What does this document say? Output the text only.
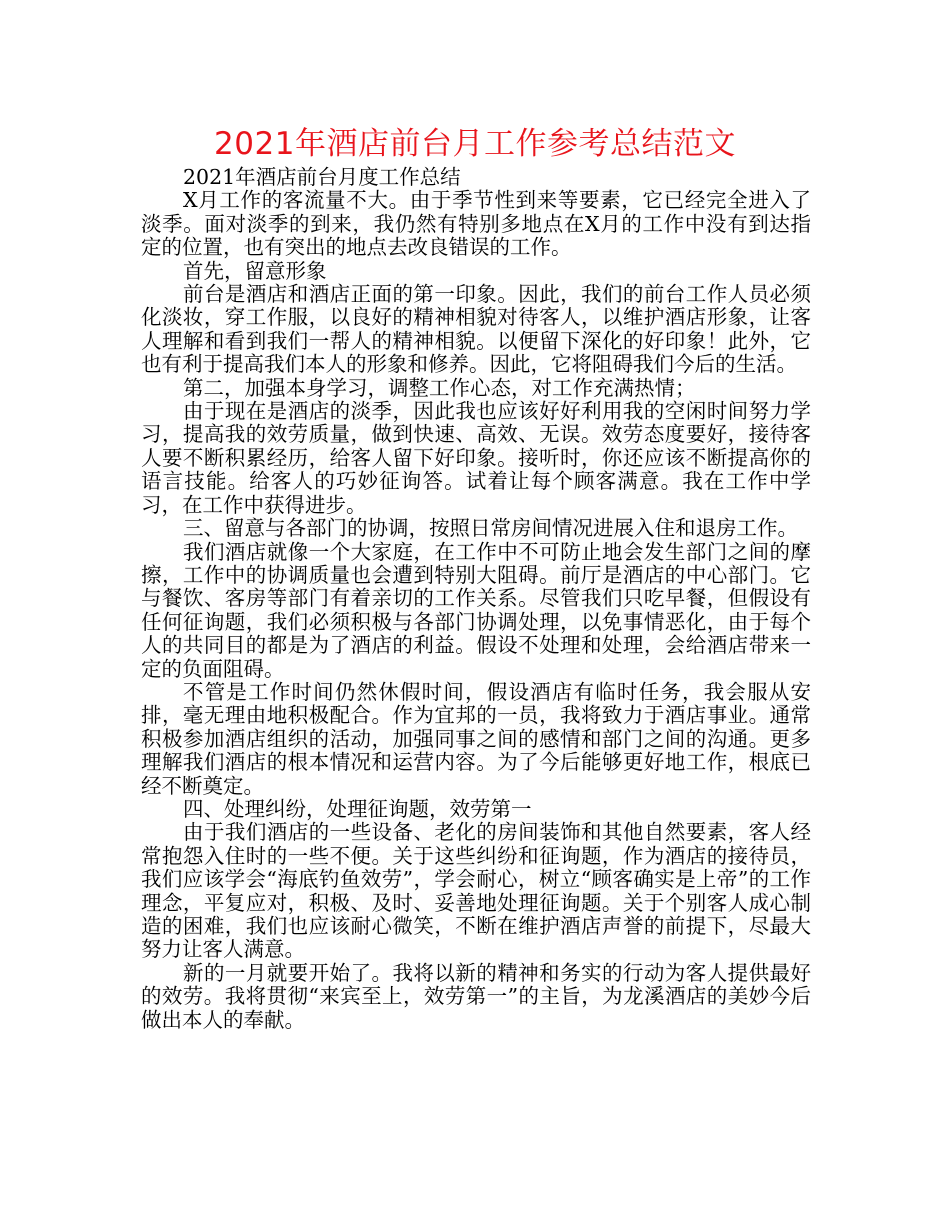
2021年酒店前台月工作参考总结范文

2021年酒店前台月度工作总结

X月工作的客流量不大。由于季节性到来等要素，它已经完全进入了淡季。面对淡季的到来，我仍然有特别多地点在X月的工作中没有到达指定的位置，也有突出的地点去改良错误的工作。

首先，留意形象

前台是酒店和酒店正面的第一印象。因此，我们的前台工作人员必须化淡妆，穿工作服，以良好的精神相貌对待客人，以维护酒店形象，让客人理解和看到我们一帮人的精神相貌。以便留下深化的好印象！此外，它也有利于提高我们本人的形象和修养。因此，它将阻碍我们今后的生活。

第二，加强本身学习，调整工作心态，对工作充满热情；

由于现在是酒店的淡季，因此我也应该好好利用我的空闲时间努力学习，提高我的效劳质量，做到快速、高效、无误。效劳态度要好，接待客人要不断积累经历，给客人留下好印象。接听时，你还应该不断提高你的语言技能。给客人的巧妙征询答。试着让每个顾客满意。我在工作中学习，在工作中获得进步。

三、留意与各部门的协调，按照日常房间情况进展入住和退房工作。

我们酒店就像一个大家庭，在工作中不可防止地会发生部门之间的摩擦，工作中的协调质量也会遭到特别大阻碍。前厅是酒店的中心部门。它与餐饮、客房等部门有着亲切的工作关系。尽管我们只吃早餐，但假设有任何征询题，我们必须积极与各部门协调处理，以免事情恶化，由于每个人的共同目的都是为了酒店的利益。假设不处理和处理，会给酒店带来一定的负面阻碍。

不管是工作时间仍然休假时间，假设酒店有临时任务，我会服从安排，毫无理由地积极配合。作为宜邦的一员，我将致力于酒店事业。通常积极参加酒店组织的活动，加强同事之间的感情和部门之间的沟通。更多理解我们酒店的根本情况和运营内容。为了今后能够更好地工作，根底已经不断奠定。

四、处理纠纷，处理征询题，效劳第一

由于我们酒店的一些设备、老化的房间装饰和其他自然要素，客人经常抱怨入住时的一些不便。关于这些纠纷和征询题，作为酒店的接待员，我们应该学会“海底钓鱼效劳”，学会耐心，树立“顾客确实是上帝”的工作理念，平复应对，积极、及时、妥善地处理征询题。关于个别客人成心制造的困难，我们也应该耐心微笑，不断在维护酒店声誉的前提下，尽最大努力让客人满意。

新的一月就要开始了。我将以新的精神和务实的行动为客人提供最好的效劳。我将贯彻“来宾至上，效劳第一”的主旨，为龙溪酒店的美妙今后做出本人的奉献。
